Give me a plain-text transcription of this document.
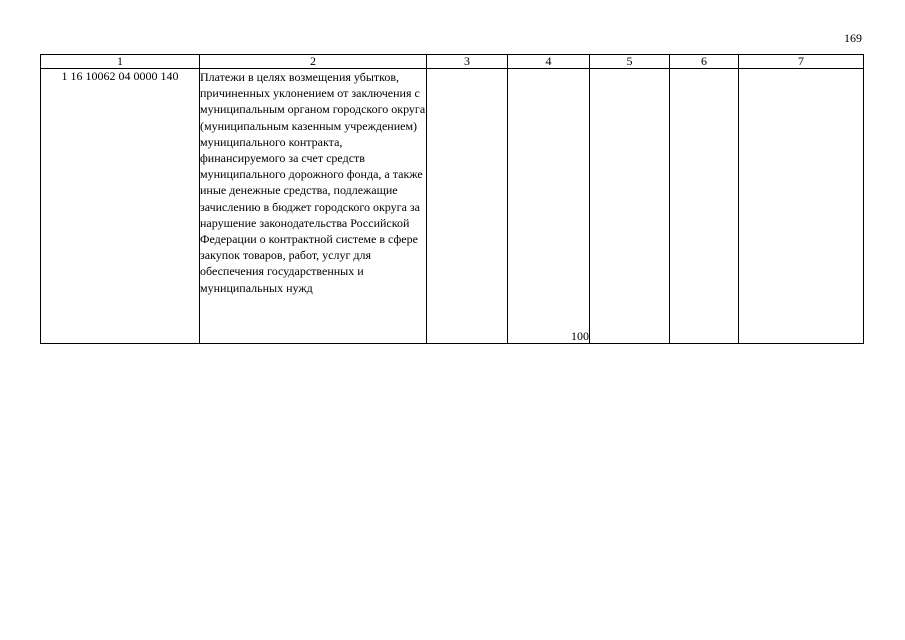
169
1	2	3	4	5	6	7
1 16 10062 04 0000 140	Платежи в целях возмещения убытков, причиненных уклонением от заключения с муниципальным органом городского округа (муниципальным казенным учреждением) муниципального контракта, финансируемого за счет средств муниципального дорожного фонда, а также иные денежные средства, подлежащие зачислению в бюджет городского округа за нарушение законодательства Российской Федерации о контрактной системе в сфере закупок товаров, работ, услуг для обеспечения государственных и муниципальных нужд		100			
